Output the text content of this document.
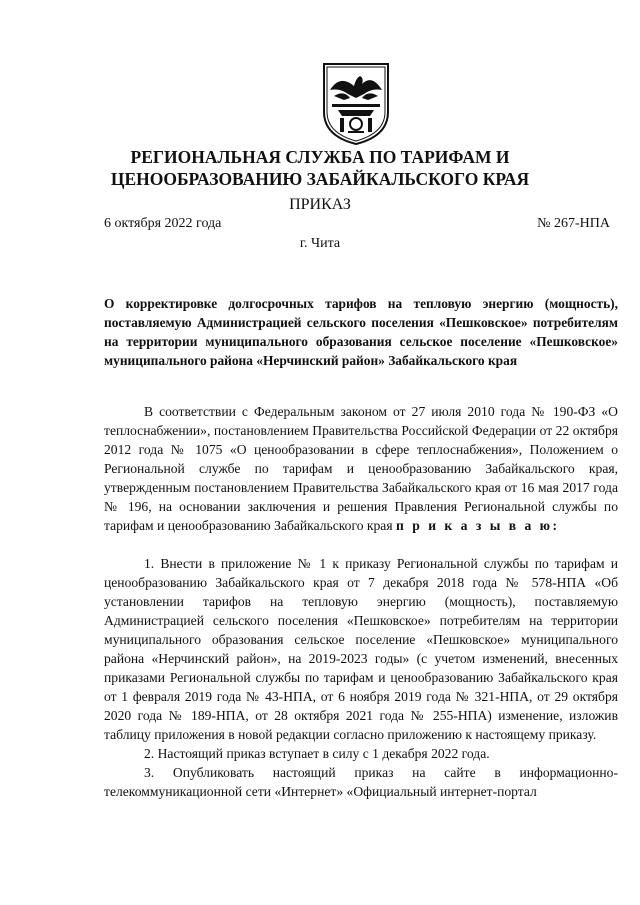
РЕГИОНАЛЬНАЯ СЛУЖБА ПО ТАРИФАМ И
ЦЕНООБРАЗОВАНИЮ ЗАБАЙКАЛЬСКОГО КРАЯ
ПРИКАЗ
6 октября 2022 года	№ 267-НПА
г. Чита
О корректировке долгосрочных тарифов на тепловую энергию (мощность), поставляемую Администрацией сельского поселения «Пешковское» потребителям на территории муниципального образования сельское поселение «Пешковское» муниципального района «Нерчинский район» Забайкальского края

В соответствии с Федеральным законом от 27 июля 2010 года № 190-ФЗ «О теплоснабжении», постановлением Правительства Российской Федерации от 22 октября 2012 года № 1075 «О ценообразовании в сфере теплоснабжения», Положением о Региональной службе по тарифам и ценообразованию Забайкальского края, утвержденным постановлением Правительства Забайкальского края от 16 мая 2017 года № 196, на основании заключения и решения Правления Региональной службы по тарифам и ценообразованию Забайкальского края п р и к а з ы в а ю:

1. Внести в приложение № 1 к приказу Региональной службы по тарифам и ценообразованию Забайкальского края от 7 декабря 2018 года № 578-НПА «Об установлении тарифов на тепловую энергию (мощность), поставляемую Администрацией сельского поселения «Пешковское» потребителям на территории муниципального образования сельское поселение «Пешковское» муниципального района «Нерчинский район», на 2019-2023 годы» (с учетом изменений, внесенных приказами Региональной службы по тарифам и ценообразованию Забайкальского края от 1 февраля 2019 года № 43-НПА, от 6 ноября 2019 года № 321-НПА, от 29 октября 2020 года № 189-НПА, от 28 октября 2021 года № 255-НПА) изменение, изложив таблицу приложения в новой редакции согласно приложению к настоящему приказу.

2. Настоящий приказ вступает в силу с 1 декабря 2022 года.

3. Опубликовать настоящий приказ на сайте в информационно-телекоммуникационной сети «Интернет» «Официальный интернет-портал
